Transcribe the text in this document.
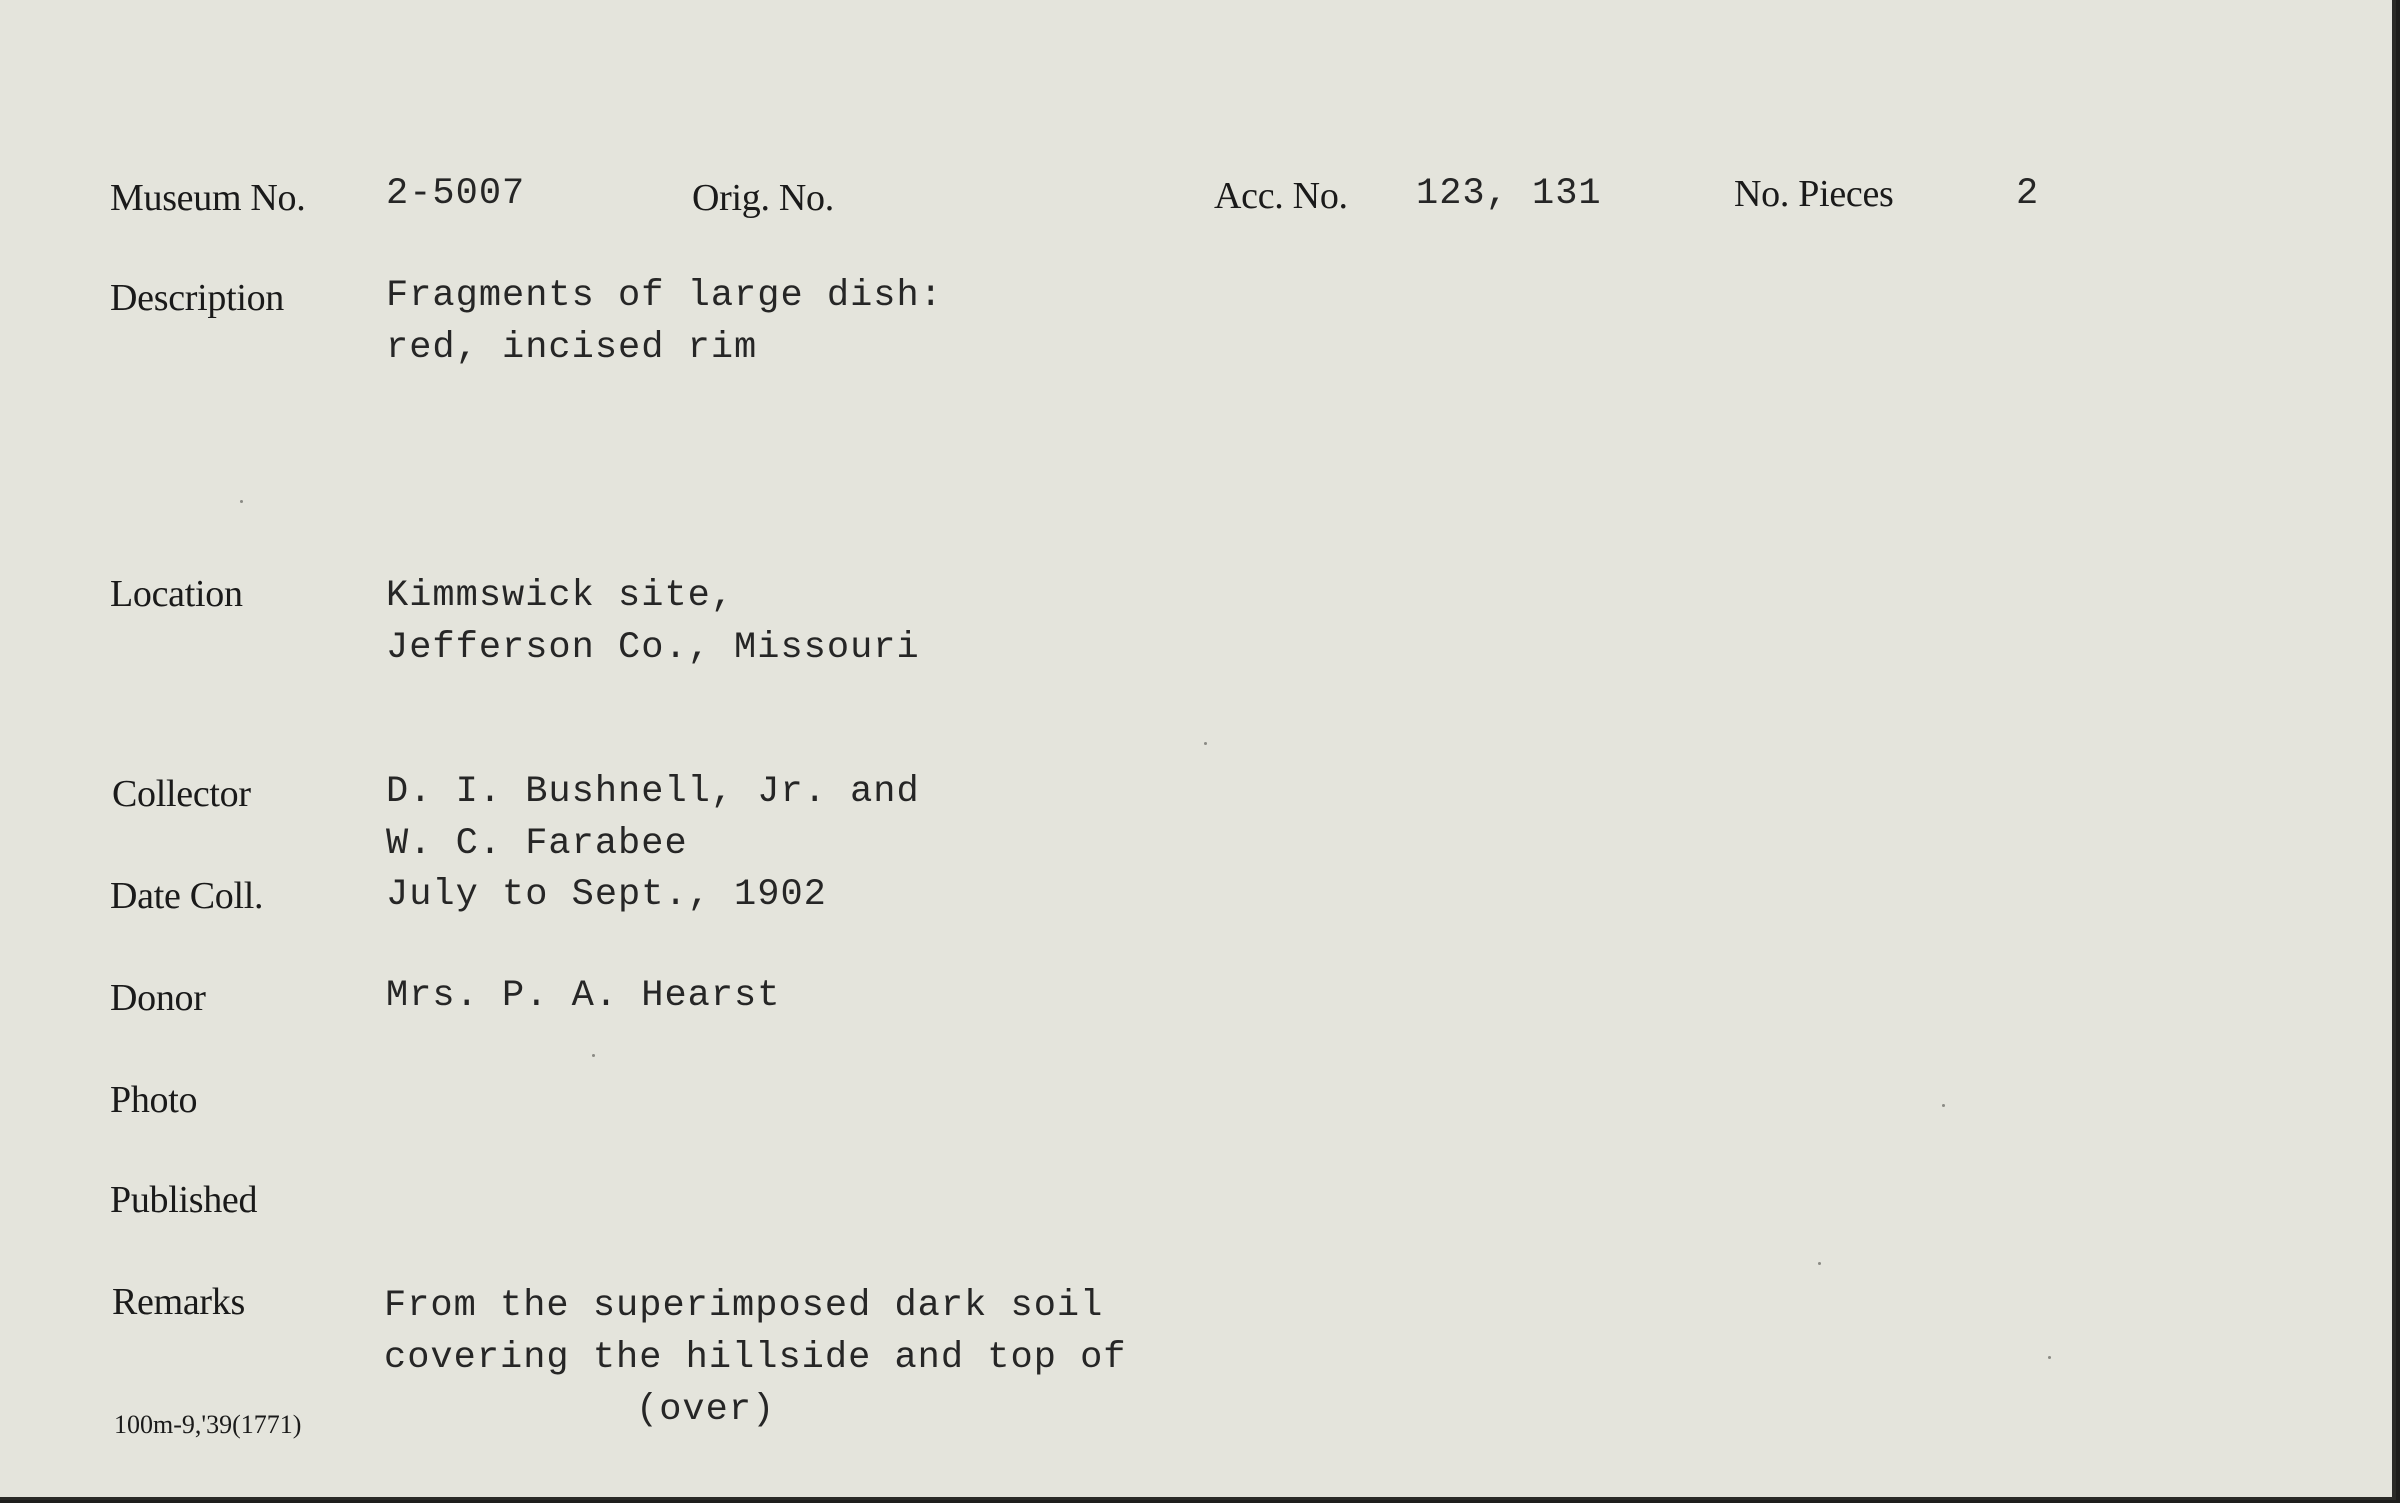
Museum No. 2-5007	Orig. No.	Acc. No. 123, 131	No. Pieces	2
Description	Fragments of large dish:
red, incised rim
Location	Kimmswick site,
Jefferson Co., Missouri
Collector	D. I. Bushnell, Jr. and
W. C. Farabee
Date Coll.	July to Sept., 1902
Donor	Mrs. P. A. Hearst
Photo
Published
Remarks	From the superimposed dark soil
covering the hillside and top of
(over)
100m-9,'39(1771)
